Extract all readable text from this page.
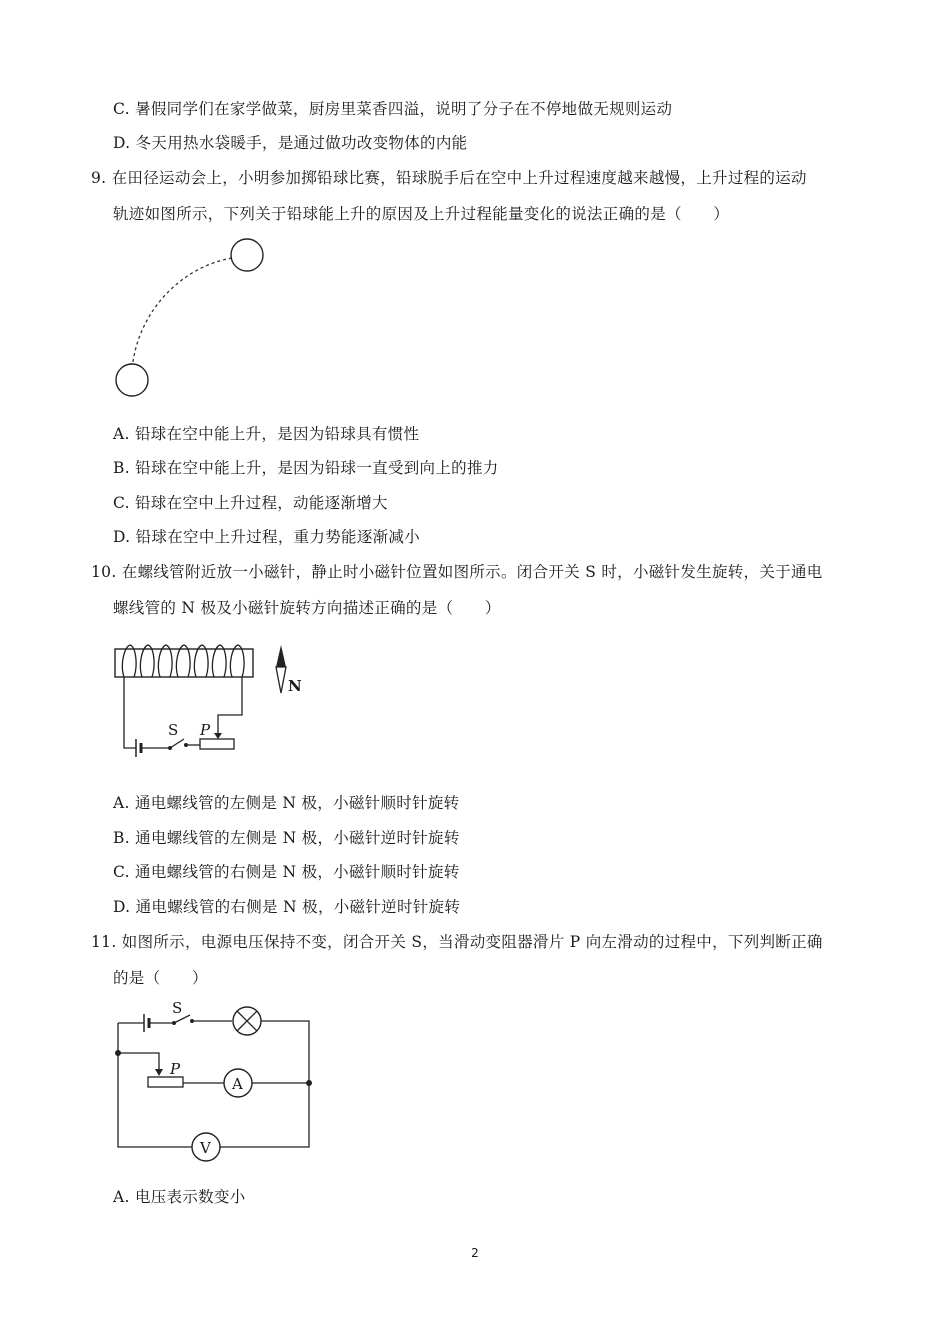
C. 暑假同学们在家学做菜，厨房里菜香四溢，说明了分子在不停地做无规则运动
D. 冬天用热水袋暖手，是通过做功改变物体的内能
9. 在田径运动会上，小明参加掷铅球比赛，铅球脱手后在空中上升过程速度越来越慢，上升过程的运动
轨迹如图所示，下列关于铅球能上升的原因及上升过程能量变化的说法正确的是（　　）
A. 铅球在空中能上升，是因为铅球具有惯性
B. 铅球在空中能上升，是因为铅球一直受到向上的推力
C. 铅球在空中上升过程，动能逐渐增大
D. 铅球在空中上升过程，重力势能逐渐减小
10. 在螺线管附近放一小磁针，静止时小磁针位置如图所示。闭合开关 S 时，小磁针发生旋转，关于通电
螺线管的 N 极及小磁针旋转方向描述正确的是（　　）
S P
N
A. 通电螺线管的左侧是 N 极，小磁针顺时针旋转
B. 通电螺线管的左侧是 N 极，小磁针逆时针旋转
C. 通电螺线管的右侧是 N 极，小磁针顺时针旋转
D. 通电螺线管的右侧是 N 极，小磁针逆时针旋转
11. 如图所示，电源电压保持不变，闭合开关 S，当滑动变阻器滑片 P 向左滑动的过程中，下列判断正确
的是（　　）
S
P
A
V
A. 电压表示数变小
2
